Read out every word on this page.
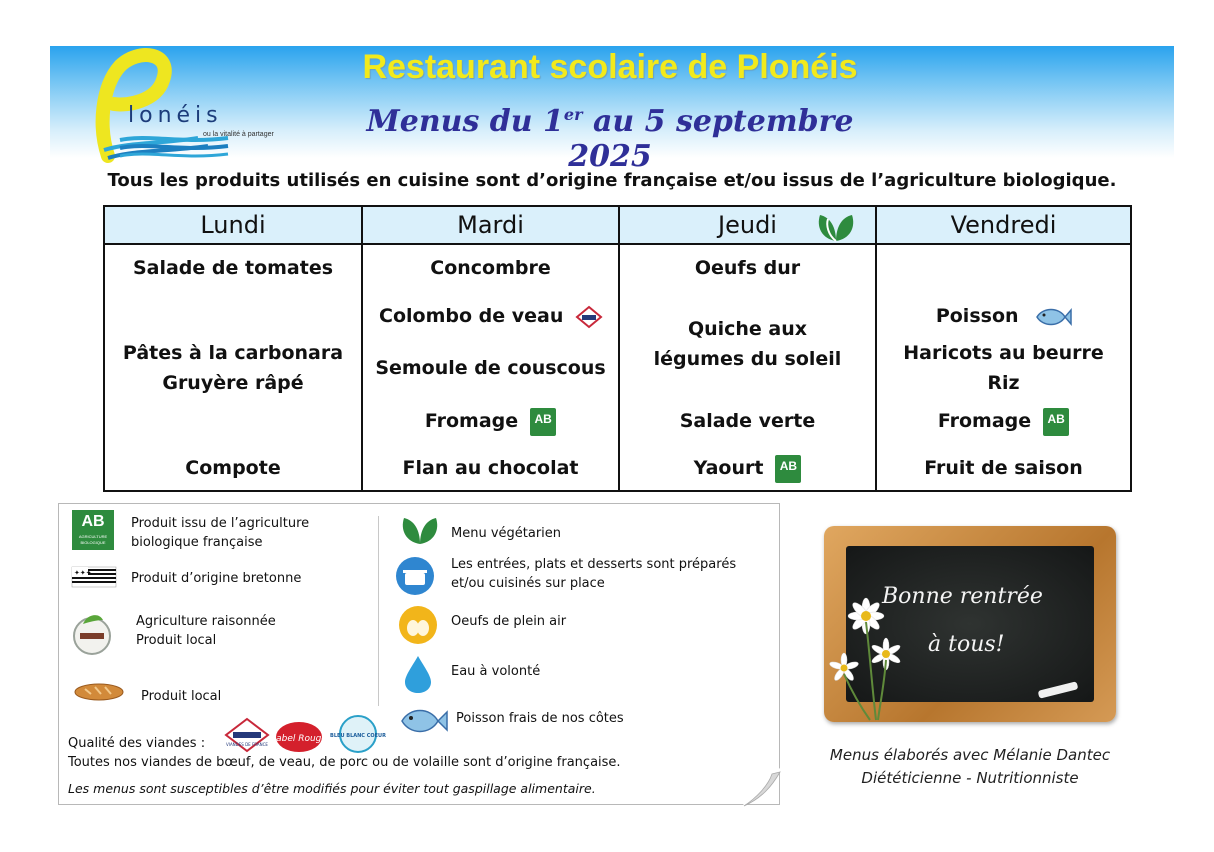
lonéis
ou la vitalité à partager
Restaurant scolaire de Plonéis
Menus du 1er au 5 septembre 2025
Tous les produits utilisés en cuisine sont d’origine française et/ou issus de l’agriculture biologique.
Lundi
Salade de tomates
Pâtes à la carbonara
Gruyère râpé
Compote
Mardi
Concombre
Colombo de veau
Semoule de couscous
Fromage AB
Flan au chocolat
Jeudi
Oeufs dur
Quiche aux
légumes du soleil
Salade verte
Yaourt AB
Vendredi
Poisson
Haricots au beurre
Riz
Fromage AB
Fruit de saison
AB
AGRICULTURE BIOLOGIQUE
Produit issu de l’agriculture
biologique française
✦✦✦	Produit d’origine bretonne
Agriculture raisonnée
Produit local
Produit local
Menu végétarien
Les entrées, plats et desserts sont préparés
et/ou cuisinés sur place
Oeufs de plein air
Eau à volonté
Poisson frais de nos côtes
Qualité des viandes :	VIANDES DE FRANCE
Label Rouge BLEU BLANC COEUR
Toutes nos viandes de bœuf, de veau, de porc ou de volaille sont d’origine française.
Les menus sont susceptibles d’être modifiés pour éviter tout gaspillage alimentaire.
Bonne rentrée
à tous!
Menus élaborés avec Mélanie Dantec
Diététicienne - Nutritionniste
